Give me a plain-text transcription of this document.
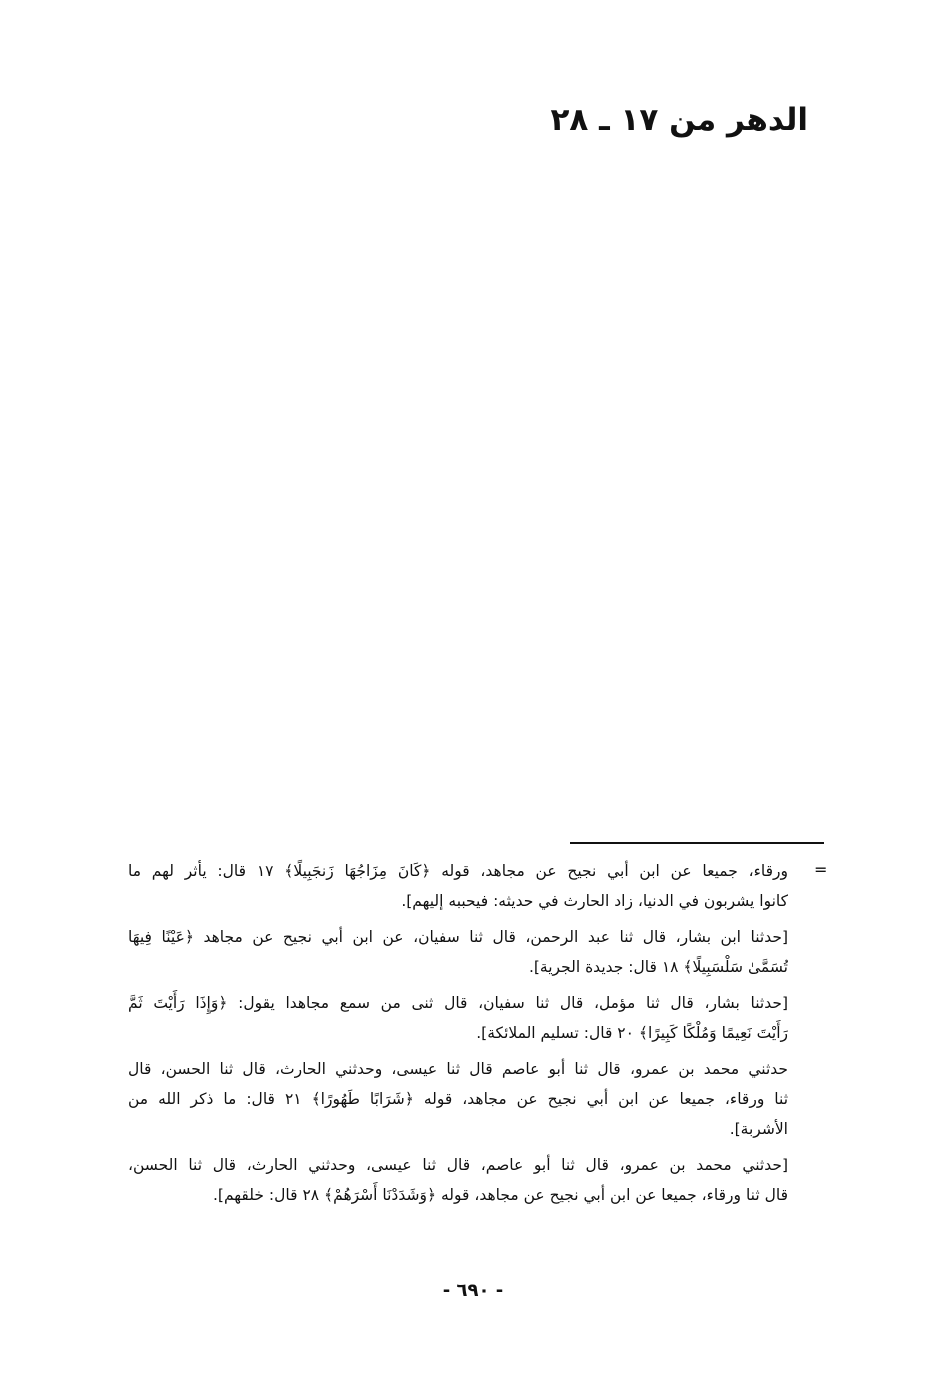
الدهر من ١٧ ـ ٢٨
=
ورقاء، جميعا عن ابن أبي نجيح عن مجاهد، قوله ﴿كَانَ مِزَاجُهَا زَنجَبِيلًا﴾ ١٧ قال: يأثر لهم ما
كانوا يشربون في الدنيا، زاد الحارث في حديثه: فيحببه إليهم].
[حدثنا ابن بشار، قال ثنا عبد الرحمن، قال ثنا سفيان، عن ابن أبي نجيح عن مجاهد ﴿عَيْنًا فِيهَا
تُسَمَّىٰ سَلْسَبِيلًا﴾ ١٨ قال: جديدة الجرية].
[حدثنا بشار، قال ثنا مؤمل، قال ثنا سفيان، قال ثنى من سمع مجاهدا يقول: ﴿وَإِذَا رَأَيْتَ ثَمَّ
رَأَيْتَ نَعِيمًا وَمُلْكًا كَبِيرًا﴾ ٢٠ قال: تسليم الملائكة].
حدثني محمد بن عمرو، قال ثنا أبو عاصم قال ثنا عيسى، وحدثني الحارث، قال ثنا الحسن، قال
ثنا ورقاء، جميعا عن ابن أبي نجيح عن مجاهد، قوله ﴿شَرَابًا طَهُورًا﴾ ٢١ قال: ما ذكر الله من
الأشربة].
[حدثني محمد بن عمرو، قال ثنا أبو عاصم، قال ثنا عيسى، وحدثني الحارث، قال ثنا الحسن،
قال ثنا ورقاء، جميعا عن ابن أبي نجيح عن مجاهد، قوله ﴿وَشَدَدْنَا أَسْرَهُمْ﴾ ٢٨ قال: خلقهم].
- ٦٩٠ -
